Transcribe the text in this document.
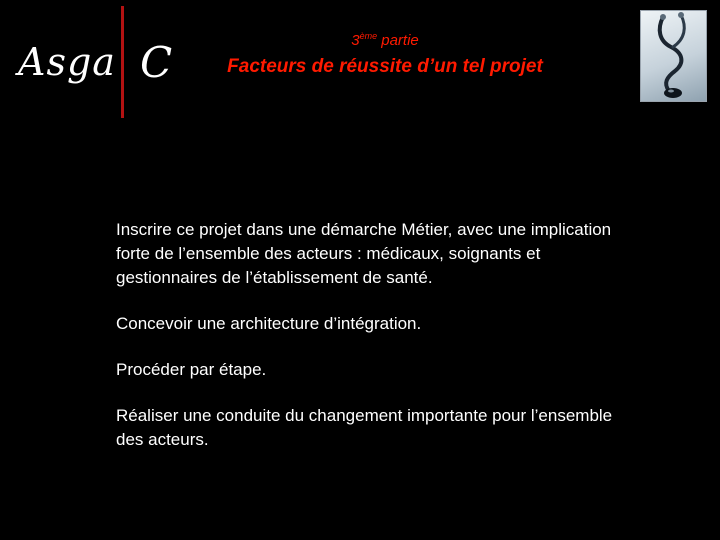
Asga C	3ème partie
Facteurs de réussite d’un tel projet

Inscrire ce projet dans une démarche Métier, avec une implication forte de l’ensemble des acteurs : médicaux, soignants et gestionnaires de l’établissement de santé.

Concevoir une architecture d’intégration.

Procéder par étape.

Réaliser une conduite du changement importante pour l’ensemble des acteurs.
